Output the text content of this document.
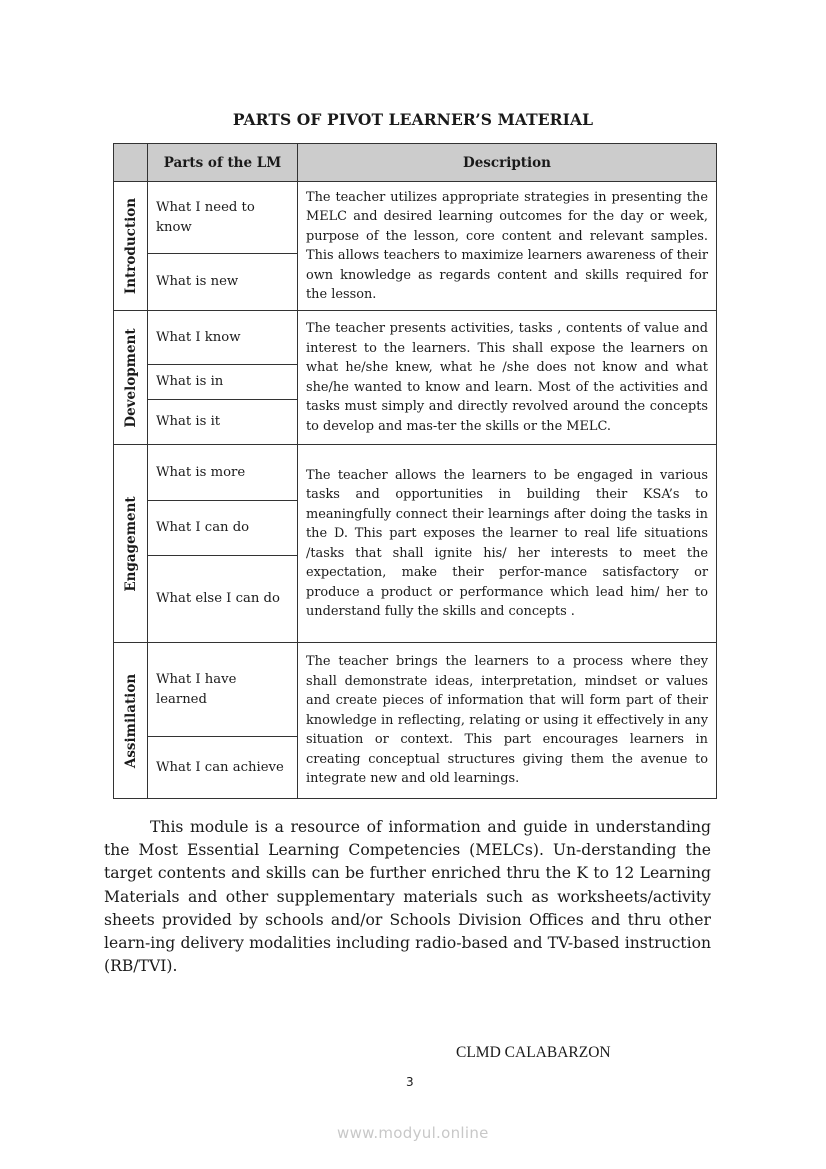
PARTS OF PIVOT LEARNER’S MATERIAL
	Parts of the LM	Description

Introduction	What I need to know	The teacher utilizes appropriate strategies in presenting the MELC and desired learning outcomes for the day or week, purpose of the lesson, core content and relevant samples. This allows teachers to maximize learners awareness of their own knowledge as regards content and skills required for the lesson.
	What is new	

Development	What I know	The teacher presents activities, tasks , contents of value and interest to the learners. This shall expose the learners on what he/she knew, what he /she does not know and what she/he wanted to know and learn. Most of the activities and tasks must simply and directly revolved around the concepts to develop and mas-ter the skills or the MELC.
	What is in	
	What is it	

Engagement	What is more	The teacher allows the learners to be engaged in various tasks and opportunities in building their KSA’s to meaningfully connect their learnings after doing the tasks in the D. This part exposes the learner to real life situations /tasks that shall ignite his/ her interests to meet the expectation, make their perfor-mance satisfactory or produce a product or performance which lead him/ her to understand fully the skills and concepts .
	What I can do	
	What else I can do	

Assimilation	What I have learned	The teacher brings the learners to a process where they shall demonstrate ideas, interpretation, mindset or values and create pieces of information that will form part of their knowledge in reflecting, relating or using it effectively in any situation or context. This part encourages learners in creating conceptual structures giving them the avenue to integrate new and old learnings.
	What I can achieve	

This module is a resource of information and guide in understanding the Most Essential Learning Competencies (MELCs). Un-derstanding the target contents and skills can be further enriched thru the K to 12 Learning Materials and other supplementary materials such as worksheets/activity sheets provided by schools and/or Schools Division Offices and thru other learn-ing delivery modalities including radio-based and TV-based instruction (RB/TVI).

CLMD CALABARZON
3
www.modyul.online
